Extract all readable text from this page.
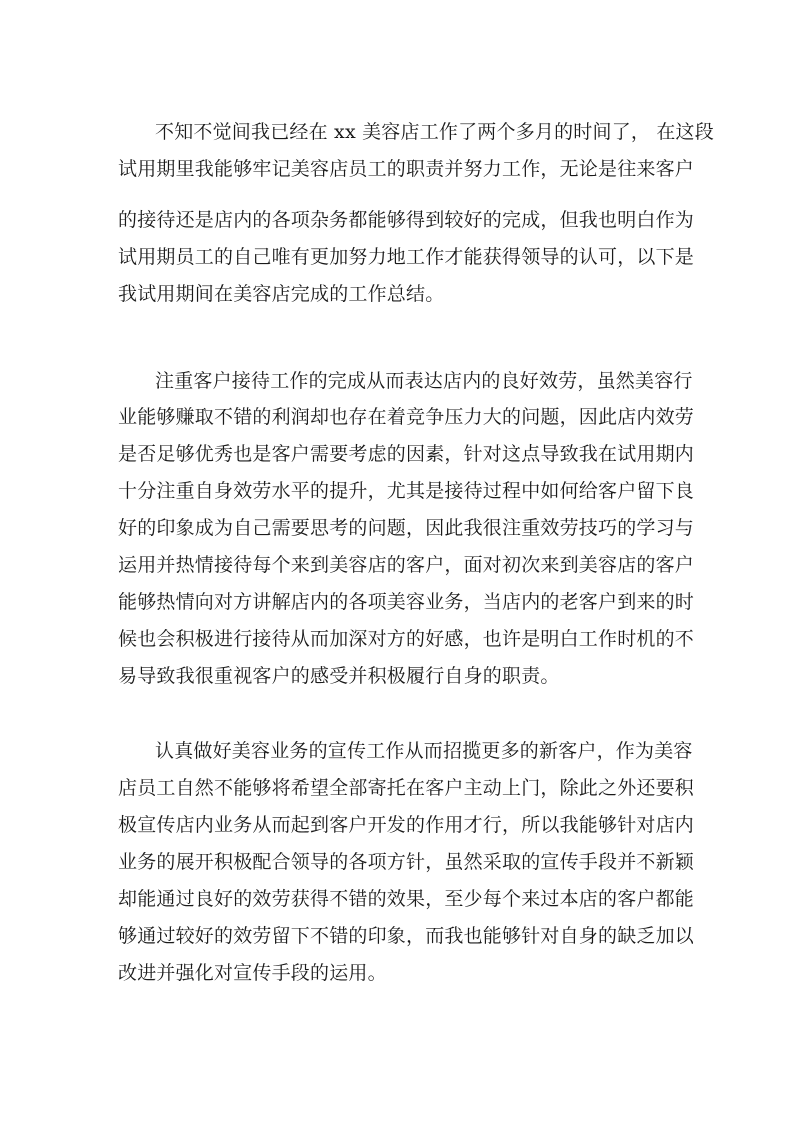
不知不觉间我已经在 xx 美容店工作了两个多月的时间了， 在这段
试用期里我能够牢记美容店员工的职责并努力工作，无论是往来客户
的接待还是店内的各项杂务都能够得到较好的完成，但我也明白作为
试用期员工的自己唯有更加努力地工作才能获得领导的认可，以下是
我试用期间在美容店完成的工作总结。
注重客户接待工作的完成从而表达店内的良好效劳，虽然美容行
业能够赚取不错的利润却也存在着竞争压力大的问题，因此店内效劳
是否足够优秀也是客户需要考虑的因素，针对这点导致我在试用期内
十分注重自身效劳水平的提升，尤其是接待过程中如何给客户留下良
好的印象成为自己需要思考的问题，因此我很注重效劳技巧的学习与
运用并热情接待每个来到美容店的客户，面对初次来到美容店的客户
能够热情向对方讲解店内的各项美容业务，当店内的老客户到来的时
候也会积极进行接待从而加深对方的好感，也许是明白工作时机的不
易导致我很重视客户的感受并积极履行自身的职责。
认真做好美容业务的宣传工作从而招揽更多的新客户，作为美容
店员工自然不能够将希望全部寄托在客户主动上门，除此之外还要积
极宣传店内业务从而起到客户开发的作用才行，所以我能够针对店内
业务的展开积极配合领导的各项方针，虽然采取的宣传手段并不新颖
却能通过良好的效劳获得不错的效果，至少每个来过本店的客户都能
够通过较好的效劳留下不错的印象，而我也能够针对自身的缺乏加以
改进并强化对宣传手段的运用。
